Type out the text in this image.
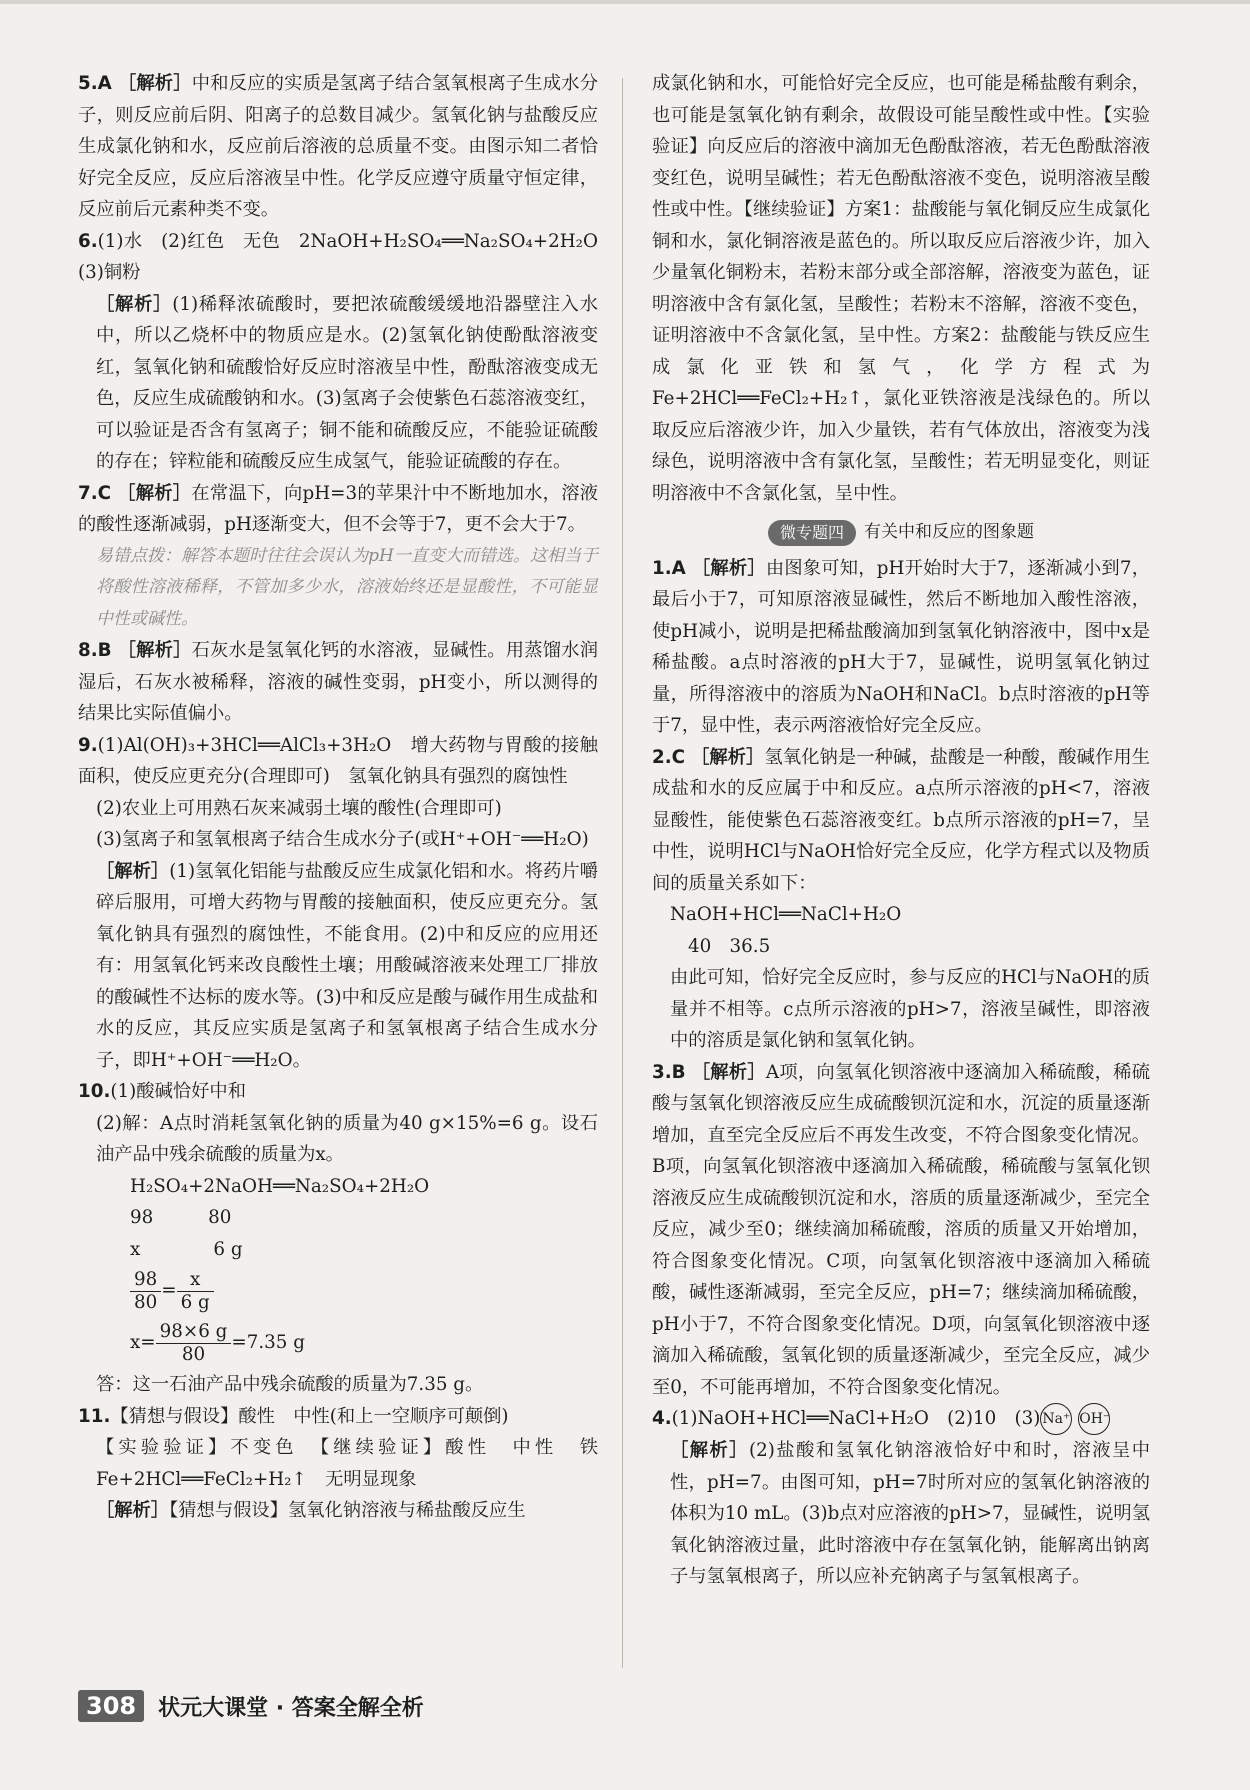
5.A ［解析］中和反应的实质是氢离子结合氢氧根离子生成水分子，则反应前后阴、阳离子的总数目减少。氢氧化钠与盐酸反应生成氯化钠和水，反应前后溶液的总质量不变。由图示知二者恰好完全反应，反应后溶液呈中性。化学反应遵守质量守恒定律，反应前后元素种类不变。

6.(1)水　(2)红色　无色　2NaOH+H₂SO₄══Na₂SO₄+2H₂O　(3)铜粉

［解析］(1)稀释浓硫酸时，要把浓硫酸缓缓地沿器壁注入水中，所以乙烧杯中的物质应是水。(2)氢氧化钠使酚酞溶液变红，氢氧化钠和硫酸恰好反应时溶液呈中性，酚酞溶液变成无色，反应生成硫酸钠和水。(3)氢离子会使紫色石蕊溶液变红，可以验证是否含有氢离子；铜不能和硫酸反应，不能验证硫酸的存在；锌粒能和硫酸反应生成氢气，能验证硫酸的存在。

7.C ［解析］在常温下，向pH=3的苹果汁中不断地加水，溶液的酸性逐渐减弱，pH逐渐变大，但不会等于7，更不会大于7。

易错点拨：解答本题时往往会误认为pH一直变大而错选。这相当于将酸性溶液稀释，不管加多少水，溶液始终还是显酸性，不可能显中性或碱性。

8.B ［解析］石灰水是氢氧化钙的水溶液，显碱性。用蒸馏水润湿后，石灰水被稀释，溶液的碱性变弱，pH变小，所以测得的结果比实际值偏小。

9.(1)Al(OH)₃+3HCl══AlCl₃+3H₂O　增大药物与胃酸的接触面积，使反应更充分(合理即可)　氢氧化钠具有强烈的腐蚀性

(2)农业上可用熟石灰来减弱土壤的酸性(合理即可)

(3)氢离子和氢氧根离子结合生成水分子(或H⁺+OH⁻══H₂O)

［解析］(1)氢氧化铝能与盐酸反应生成氯化铝和水。将药片嚼碎后服用，可增大药物与胃酸的接触面积，使反应更充分。氢氧化钠具有强烈的腐蚀性，不能食用。(2)中和反应的应用还有：用氢氧化钙来改良酸性土壤；用酸碱溶液来处理工厂排放的酸碱性不达标的废水等。(3)中和反应是酸与碱作用生成盐和水的反应，其反应实质是氢离子和氢氧根离子结合生成水分子，即H⁺+OH⁻══H₂O。

10.(1)酸碱恰好中和

(2)解：A点时消耗氢氧化钠的质量为40 g×15%=6 g。设石油产品中残余硫酸的质量为x。

H₂SO₄+2NaOH══Na₂SO₄+2H₂O

98　　　80

x　　　　6 g

$\frac{98}{80} = \frac{x}{6 g}$
$x= \frac{98\times 6 g}{80} =7.35$ g

答：这一石油产品中残余硫酸的质量为7.35 g。

11.【猜想与假设】酸性　中性(和上一空顺序可颠倒)

【实验验证】不变色　【继续验证】酸性　中性　铁　Fe+2HCl══FeCl₂+H₂↑　无明显现象

［解析］【猜想与假设】氢氧化钠溶液与稀盐酸反应生

成氯化钠和水，可能恰好完全反应，也可能是稀盐酸有剩余，也可能是氢氧化钠有剩余，故假设可能呈酸性或中性。【实验验证】向反应后的溶液中滴加无色酚酞溶液，若无色酚酞溶液变红色，说明呈碱性；若无色酚酞溶液不变色，说明溶液呈酸性或中性。【继续验证】方案1：盐酸能与氧化铜反应生成氯化铜和水，氯化铜溶液是蓝色的。所以取反应后溶液少许，加入少量氧化铜粉末，若粉末部分或全部溶解，溶液变为蓝色，证明溶液中含有氯化氢，呈酸性；若粉末不溶解，溶液不变色，证明溶液中不含氯化氢，呈中性。方案2：盐酸能与铁反应生成氯化亚铁和氢气，化学方程式为Fe+2HCl══FeCl₂+H₂↑，氯化亚铁溶液是浅绿色的。所以取反应后溶液少许，加入少量铁，若有气体放出，溶液变为浅绿色，说明溶液中含有氯化氢，呈酸性；若无明显变化，则证明溶液中不含氯化氢，呈中性。

微专题四	有关中和反应的图象题

1.A ［解析］由图象可知，pH开始时大于7，逐渐减小到7，最后小于7，可知原溶液显碱性，然后不断地加入酸性溶液，使pH减小，说明是把稀盐酸滴加到氢氧化钠溶液中，图中x是稀盐酸。a点时溶液的pH大于7，显碱性，说明氢氧化钠过量，所得溶液中的溶质为NaOH和NaCl。b点时溶液的pH等于7，显中性，表示两溶液恰好完全反应。

2.C ［解析］氢氧化钠是一种碱，盐酸是一种酸，酸碱作用生成盐和水的反应属于中和反应。a点所示溶液的pH<7，溶液显酸性，能使紫色石蕊溶液变红。b点所示溶液的pH=7，呈中性，说明HCl与NaOH恰好完全反应，化学方程式以及物质间的质量关系如下：

NaOH+HCl══NaCl+H₂O

40　36.5

由此可知，恰好完全反应时，参与反应的HCl与NaOH的质量并不相等。c点所示溶液的pH>7，溶液呈碱性，即溶液中的溶质是氯化钠和氢氧化钠。

3.B ［解析］A项，向氢氧化钡溶液中逐滴加入稀硫酸，稀硫酸与氢氧化钡溶液反应生成硫酸钡沉淀和水，沉淀的质量逐渐增加，直至完全反应后不再发生改变，不符合图象变化情况。B项，向氢氧化钡溶液中逐滴加入稀硫酸，稀硫酸与氢氧化钡溶液反应生成硫酸钡沉淀和水，溶质的质量逐渐减少，至完全反应，减少至0；继续滴加稀硫酸，溶质的质量又开始增加，符合图象变化情况。C项，向氢氧化钡溶液中逐滴加入稀硫酸，碱性逐渐减弱，至完全反应，pH=7；继续滴加稀硫酸，pH小于7，不符合图象变化情况。D项，向氢氧化钡溶液中逐滴加入稀硫酸，氢氧化钡的质量逐渐减少，至完全反应，减少至0，不可能再增加，不符合图象变化情况。

4.(1)NaOH+HCl══NaCl+H₂O　(2)10　(3) Na⁺ OH⁻

［解析］(2)盐酸和氢氧化钠溶液恰好中和时，溶液呈中性，pH=7。由图可知，pH=7时所对应的氢氧化钠溶液的体积为10 mL。(3)b点对应溶液的pH>7，显碱性，说明氢氧化钠溶液过量，此时溶液中存在氢氧化钠，能解离出钠离子与氢氧根离子，所以应补充钠离子与氢氧根离子。

308	状元大课堂 · 答案全解全析
